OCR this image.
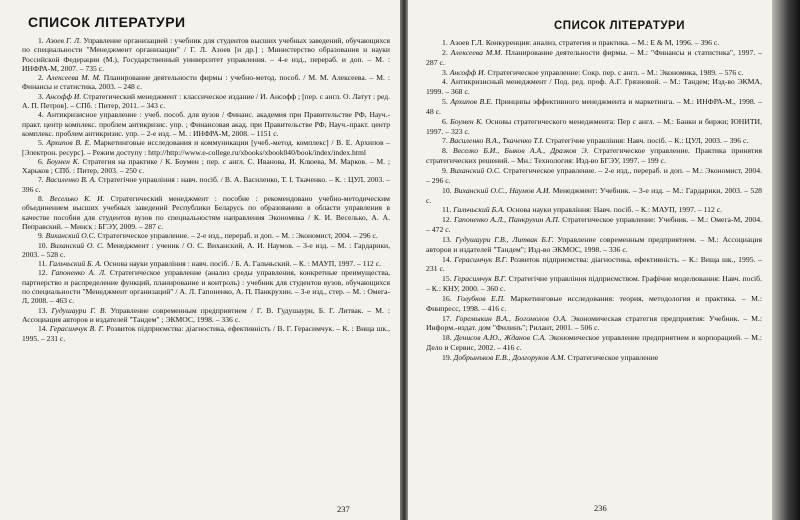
СПИСОК ЛIТЕРАТУРИ
1. Азоев Г. Л. Управление организацией : учебник для студентов высших учебных заведений, обучающихся по специальности "Менеджмент организации" / Г. Л. Азоев [и др.] ; Министерство образования и науки Российской Федерации (М.), Государственный университет управления. – 4-е изд., перераб. и доп. – М. : ИНФРА-М, 2007. – 735 с.
2. Алексеева М. М. Планирование деятельности фирмы : учебно-метод. пособ. / М. М. Алексеева. – М. : Финансы и статистика, 2003. – 248 с.
3. Ансофф И. Стратегический менеджмент : классическое издание / И. Ансофф ; [пер. с англ. О. Латут : ред. А. П. Петров]. – СПб. : Питер, 2011. – 343 с.
4. Антикризисное управление : учеб. пособ. для вузов / Финанс. академия при Правительстве РФ, Науч.-практ. центр комплекс. проблем антикризис. упр. ; Финансовая акад. при Правительстве РФ, Науч.-практ. центр комплекс. проблем антикризис. упр. – 2-е изд. – М. : ИНФРА-М, 2008. – 1151 с.
5. Архипов В. Е. Маркетинговые исследования и коммуникации [учеб.-метод. комплекс] / В. Е. Архипов – [Электрон. ресурс]. – Режим доступу : http://http://www.e-college.ru/xbooks/xbook040/book/index/index.html
6. Боумен К. Стратегия на практике / К. Боумен ; пер. с англ. С. Иванова, И. Клюева, М. Марков. – М. ; Харьков ; СПб. : Питер, 2003. – 250 с.
7. Василенко В. А. Стратегічне управління : навч. посіб. / В. А. Василенко, Т. І. Ткаченко. – К. : ЦУЛ, 2003. – 396 с.
8. Веселько К. И. Стратегический менеджмент : пособие : рекомендовано учебно-методическим объединением высших учебных заведений Республики Беларусь по образованию в области управления в качестве пособия для студентов вузов по специальностям направления Экономика / К. И. Веселько, А. А. Пеправский. – Минск : БГЭУ, 2009. – 287 с.
9. Виханский О.С. Стратегическое управление. – 2-е изд., перераб. и доп. – М. : Экономист, 2004. – 296 с.
10. Виханский О. С. Менеджмент : ученик / О. С. Виханский, А. И. Наумов. – 3-е изд. – М. : Гардарики, 2003. – 528 с.
11. Гальчьский Б. А. Основа науки управління : навч. посіб. / Б. А. Гальчьский. – К. : МАУП, 1997. – 112 с.
12. Гапоненко А. Л. Стратегическое управление (анализ среды управления, конкретные преимущества, партнерство и распределение функций, планирование и контроль) : учебник для студентов вузов, обучающихся по специальности "Менеджмент организаций" / А. Л. Гапоненко, А. П. Панкрухин. – 3-е изд., стер. – М. : Омега-Л, 2008. – 463 с.
13. Гудушаури Г. В. Управление современным предприятием / Г. В. Гудушаури, Б. Г. Литвак. – М. : Ассоциация авторов и издателей "Тандем" ; ЭКМОС, 1998. – 336 с.
14. Герасимчук В. Г. Розвиток підприємства: діагностика, ефективність / В. Г. Герасимчук. – К. : Вища шк., 1995. – 231 с.
237
СПИСОК ЛIТЕРАТУРИ
1. Азоев Г.Л. Конкуренция: анализ, стратегия и практика. – М.: Е & М, 1996. – 396 с.
2. Алексеева М.М. Планирование деятельности фирмы. – М.: "Финансы и статистика", 1997. – 287 с.
3. Ансофф И. Стратегическое управление: Сокр. пер. с англ. – М.: Экономика, 1989. – 576 с.
4. Антикризисный менеджмент / Под. ред. проф. А.Г. Грязновой. – М.: Тандем; Изд-во ЭКМА, 1999. – 368 с.
5. Архипов В.Е. Принципы эффективного менеджмента и маркетинга. – М.: ИНФРА-М., 1998. – 48 с.
6. Боумен К. Основы стратегического менеджмента: Пер с англ. – М.: Банки и биржи; ЮНИТИ, 1997. – 323 с.
7. Василенко В.А., Ткаченко Т.І. Стратегічне управління: Навч. посіб. – К.: ЦУЛ, 2003. – 396 с.
8. Веселко Б.И., Быков А.А., Дразков Э. Стратегическое управление. Практика принятия стратегических решений. – Мн.: Технология: Изд-во БГЭУ, 1997. – 199 с.
9. Виханский О.С. Стратегическое управление. – 2-е изд., перераб. и доп. – М.: Экономист, 2004. – 296 с.
10. Виханский О.С., Наумов А.И. Менеджмент: Учебник. – 3-е изд. – М.: Гардарики, 2003. – 528 с.
11. Гальчьский Б.А. Основа науки управління: Навч. посіб. – К.: МАУП, 1997. – 112 с.
12. Гапоненко А.Л., Панкрухин А.П. Стратегическое управление: Учебник. – М.: Омега-М, 2004. – 472 с.
13. Гудушаури Г.В., Литвак Б.Г. Управление современным предприятием. – М.: Ассоциация авторов и издателей "Тандем"; Изд-во ЭКМОС, 1998. – 336 с.
14. Герасимчук В.Г. Розвиток підприємства: діагностика, ефективність. – К.: Вища шк., 1995. – 231 с.
15. Герасимчук В.Г. Стратегічне управління підприємством. Графічне моделювання: Навч. посіб. – К.: КНУ, 2000. – 360 с.
16. Голубков Е.П. Маркетинговые исследования: теория, методология и практика. – М.: Финпресс, 1998. – 416 с.
17. Горемыкин В.А., Богомолов О.А. Экономическая стратегия предприятия: Учебник. – М.: Информ.-издат. дом "Филинъ"; Рилант, 2001. – 506 с.
18. Денисов А.Ю., Жданов С.А. Экономическое управление предприятием и корпорацией. – М.: Дело и Сервис, 2002. – 416 с.
19. Добрынъков Е.В., Долгоруков А.М. Стратегическое управление
236
